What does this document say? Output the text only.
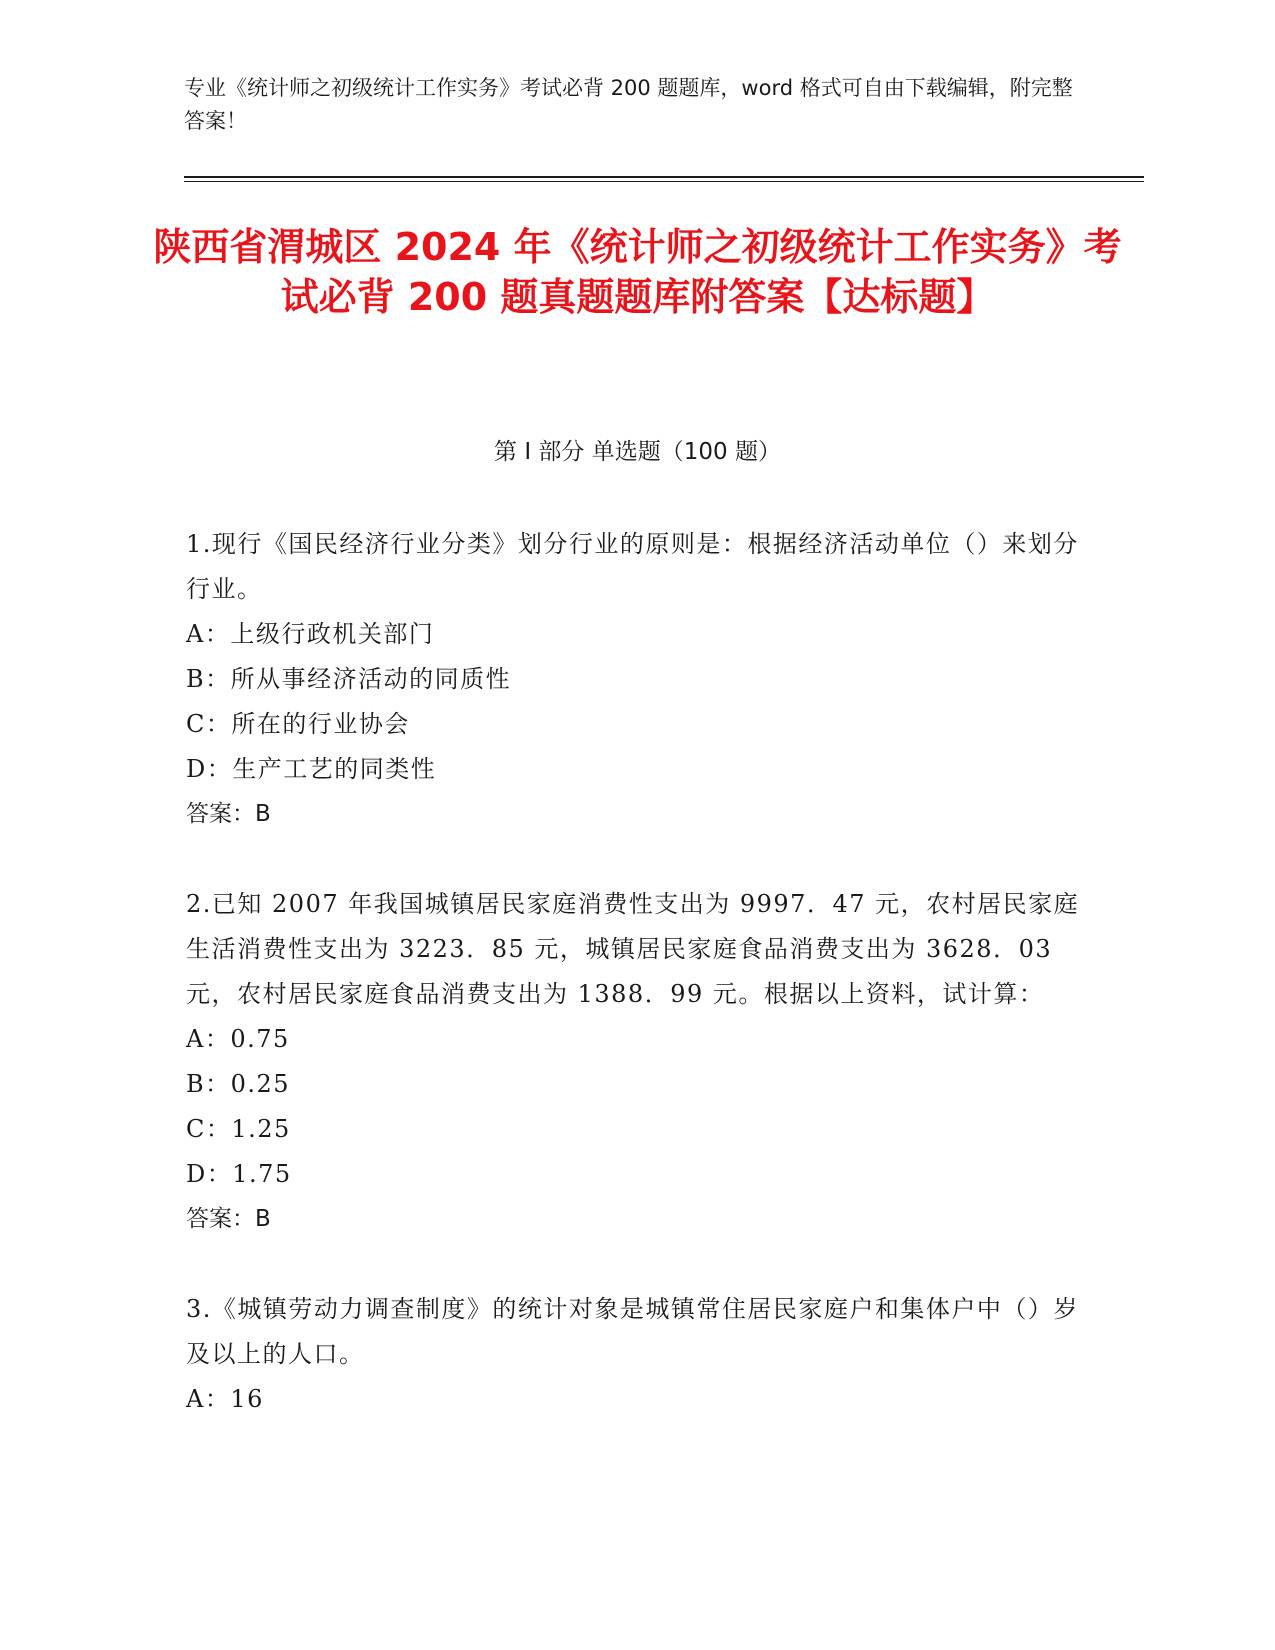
专业《统计师之初级统计工作实务》考试必背 200 题题库，word 格式可自由下载编辑，附完整答案！
陕西省渭城区 2024 年《统计师之初级统计工作实务》考试必背 200 题真题题库附答案【达标题】
第 I 部分 单选题（100 题）

1.现行《国民经济行业分类》划分行业的原则是：根据经济活动单位（）来划分行业。

A：上级行政机关部门

B：所从事经济活动的同质性

C：所在的行业协会

D：生产工艺的同类性

答案：B

2.已知 2007 年我国城镇居民家庭消费性支出为 9997．47 元，农村居民家庭生活消费性支出为 3223．85 元，城镇居民家庭食品消费支出为 3628．03 元，农村居民家庭食品消费支出为 1388．99 元。根据以上资料，试计算：

A：0.75

B：0.25

C：1.25

D：1.75

答案：B

3.《城镇劳动力调查制度》的统计对象是城镇常住居民家庭户和集体户中（）岁及以上的人口。

A：16
